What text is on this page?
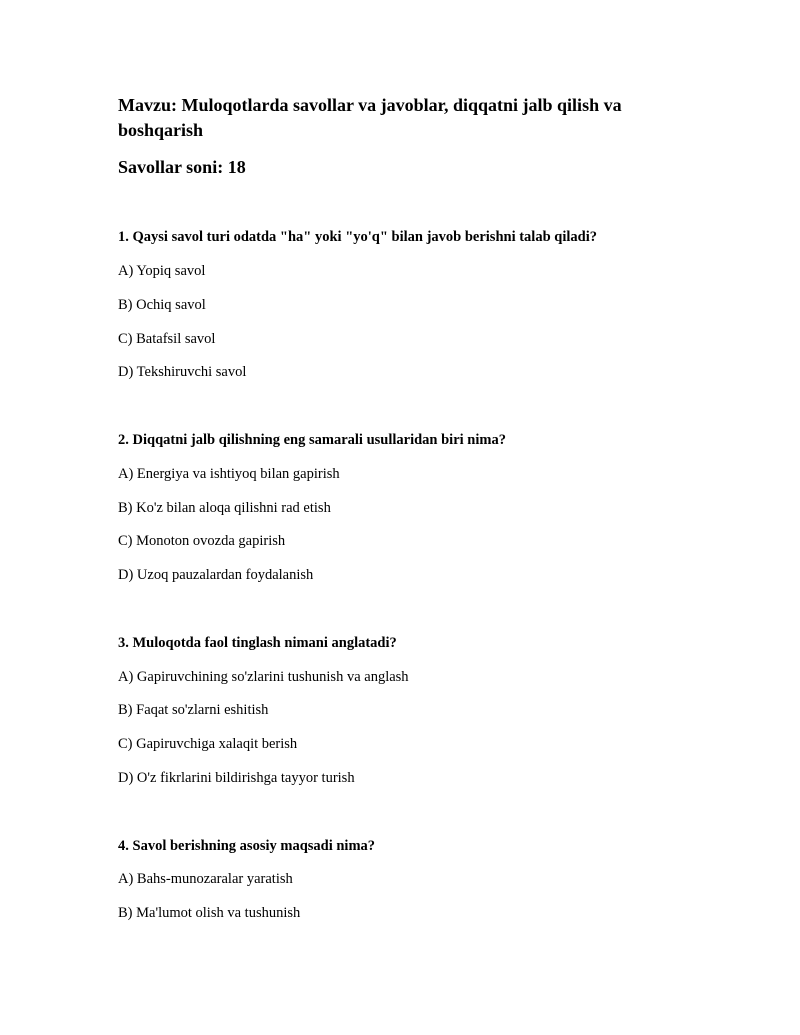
Mavzu: Muloqotlarda savollar va javoblar, diqqatni jalb qilish va boshqarish
Savollar soni: 18

1. Qaysi savol turi odatda "ha" yoki "yo'q" bilan javob berishni talab qiladi?

A) Yopiq savol

B) Ochiq savol

C) Batafsil savol

D) Tekshiruvchi savol

2. Diqqatni jalb qilishning eng samarali usullaridan biri nima?

A) Energiya va ishtiyoq bilan gapirish

B) Ko'z bilan aloqa qilishni rad etish

C) Monoton ovozda gapirish

D) Uzoq pauzalardan foydalanish

3. Muloqotda faol tinglash nimani anglatadi?

A) Gapiruvchining so'zlarini tushunish va anglash

B) Faqat so'zlarni eshitish

C) Gapiruvchiga xalaqit berish

D) O'z fikrlarini bildirishga tayyor turish

4. Savol berishning asosiy maqsadi nima?

A) Bahs-munozaralar yaratish

B) Ma'lumot olish va tushunish
